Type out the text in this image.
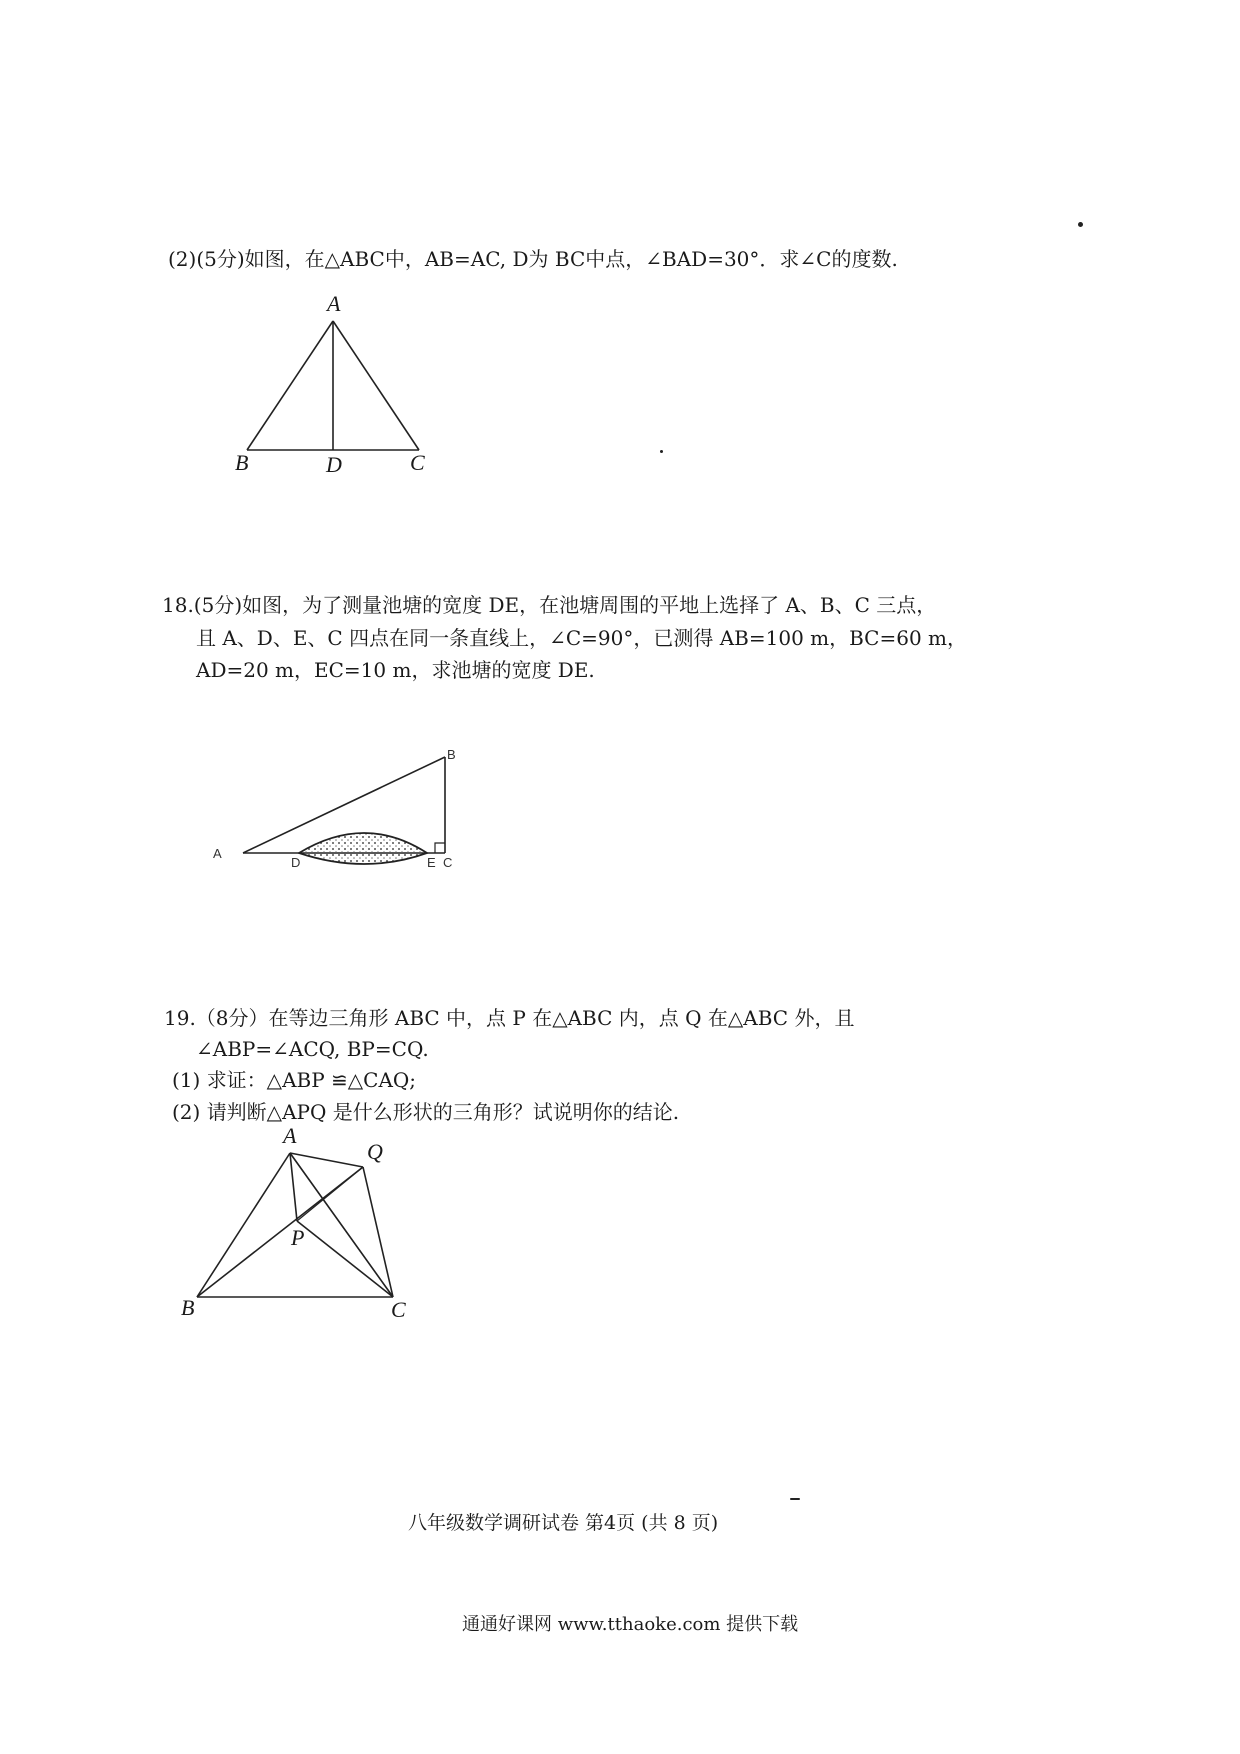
(2)(5分)如图，在△ABC中，AB=AC, D为 BC中点，∠BAD=30°．求∠C的度数.
A
B	D	C
18.(5分)如图，为了测量池塘的宽度 DE，在池塘周围的平地上选择了 A、B、C 三点，
且 A、D、E、C 四点在同一条直线上，∠C=90°，已测得 AB=100 m，BC=60 m，
AD=20 m，EC=10 m，求池塘的宽度 DE.
A
D	E C
B
19.（8分）在等边三角形 ABC 中，点 P 在△ABC 内，点 Q 在△ABC 外，且
∠ABP=∠ACQ, BP=CQ.
(1) 求证：△ABP ≌△CAQ;
(2) 请判断△APQ 是什么形状的三角形？试说明你的结论.
A
Q
P
B	C
八年级数学调研试卷 第4页 (共 8 页)
通通好课网 www.tthaoke.com 提供下载
